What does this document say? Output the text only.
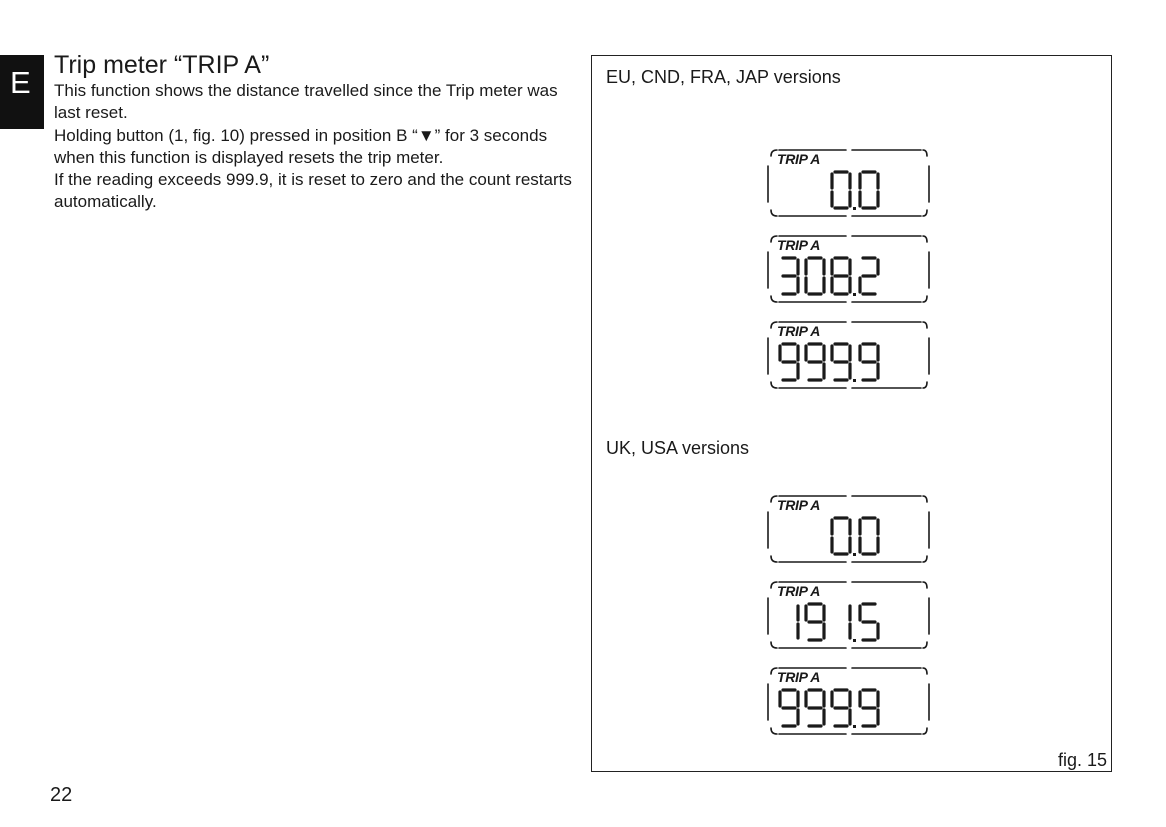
E Trip meter “TRIP A”

This function shows the distance travelled since the Trip meter was last reset.

Holding button (1, fig. 10) pressed in position B “▼” for 3 seconds when this function is displayed resets the trip meter.

If the reading exceeds 999.9, it is reset to zero and the count restarts automatically.

22
EU, CND, FRA, JAP versions
TRIP A
TRIP A
TRIP A
UK, USA versions
TRIP A
TRIP A
TRIP A
fig. 15
